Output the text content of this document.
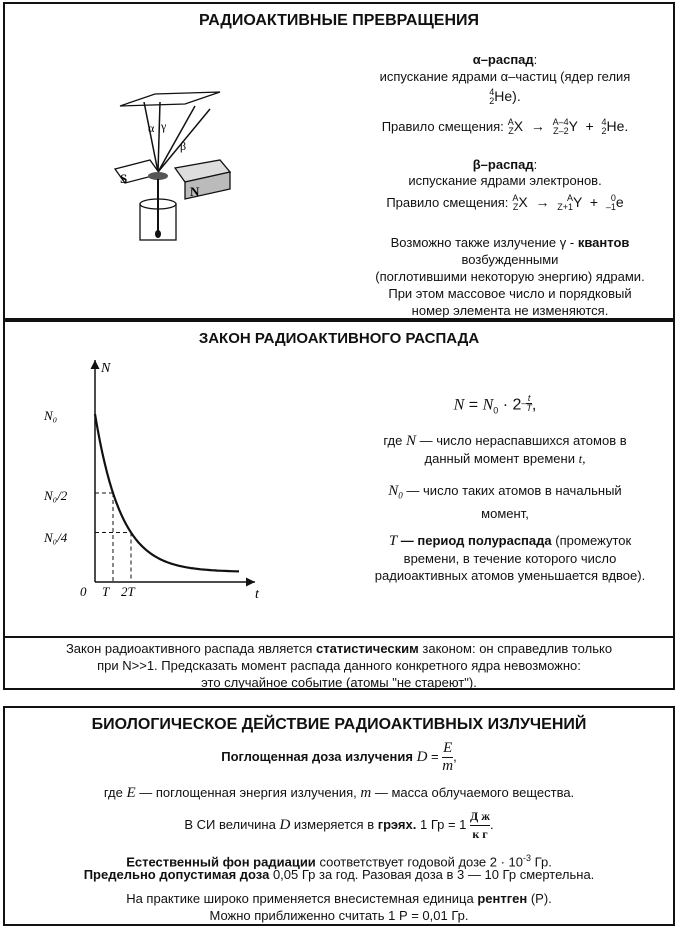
РАДИОАКТИВНЫЕ ПРЕВРАЩЕНИЯ
α γ
β
S
N
α–распад:
испускание ядрами α–частиц (ядер гелия
4
2He).
Правило смещения: A
ZX → A–4
Z–2Y + 4
2He.
β–распад:
испускание ядрами электронов.
Правило смещения: A
ZX → A
Z+1Y + 0
–1e
Возможно также излучение γ - квантов
возбужденными
(поглотившими некоторую энергию) ядрами.
При этом массовое число и порядковый
номер элемента не изменяются.
ЗАКОН РАДИОАКТИВНОГО РАСПАДА
N
t
0
N₀
N₀/2
N₀/4
T 2T
$N = N_0 \cdot 2^{- \frac{t}{T}}$ ,
где N — число нераспавшихся атомов в
данный момент времени t,
$N_0$ — число таких атомов в начальный
момент,
T — период полураспада (промежуток
времени, в течение которого число
радиоактивных атомов уменьшается вдвое).
Закон радиоактивного распада является статистическим законом: он справедлив только
при N>>1. Предсказать момент распада данного конкретного ядра невозможно:
это случайное событие (атомы "не стареют").
БИОЛОГИЧЕСКОЕ ДЕЙСТВИЕ РАДИОАКТИВНЫХ ИЗЛУЧЕНИЙ
Поглощенная доза излучения $D = \frac{E}{m}$ ,
где E — поглощенная энергия излучения, m — масса облучаемого вещества.
В СИ величина D измеряется в грэях. 1 Гр = $1 \frac{\text{Д ж}}{\text{к г}}$ .
Естественный фон радиации соответствует годовой дозе $2 \cdot 10^{-3}$ Гр.
Предельно допустимая доза 0,05 Гр за год. Разовая доза в 3 — 10 Гр смертельна.
На практике широко применяется внесистемная единица рентген (Р).
Можно приближенно считать 1 Р = 0,01 Гр.
